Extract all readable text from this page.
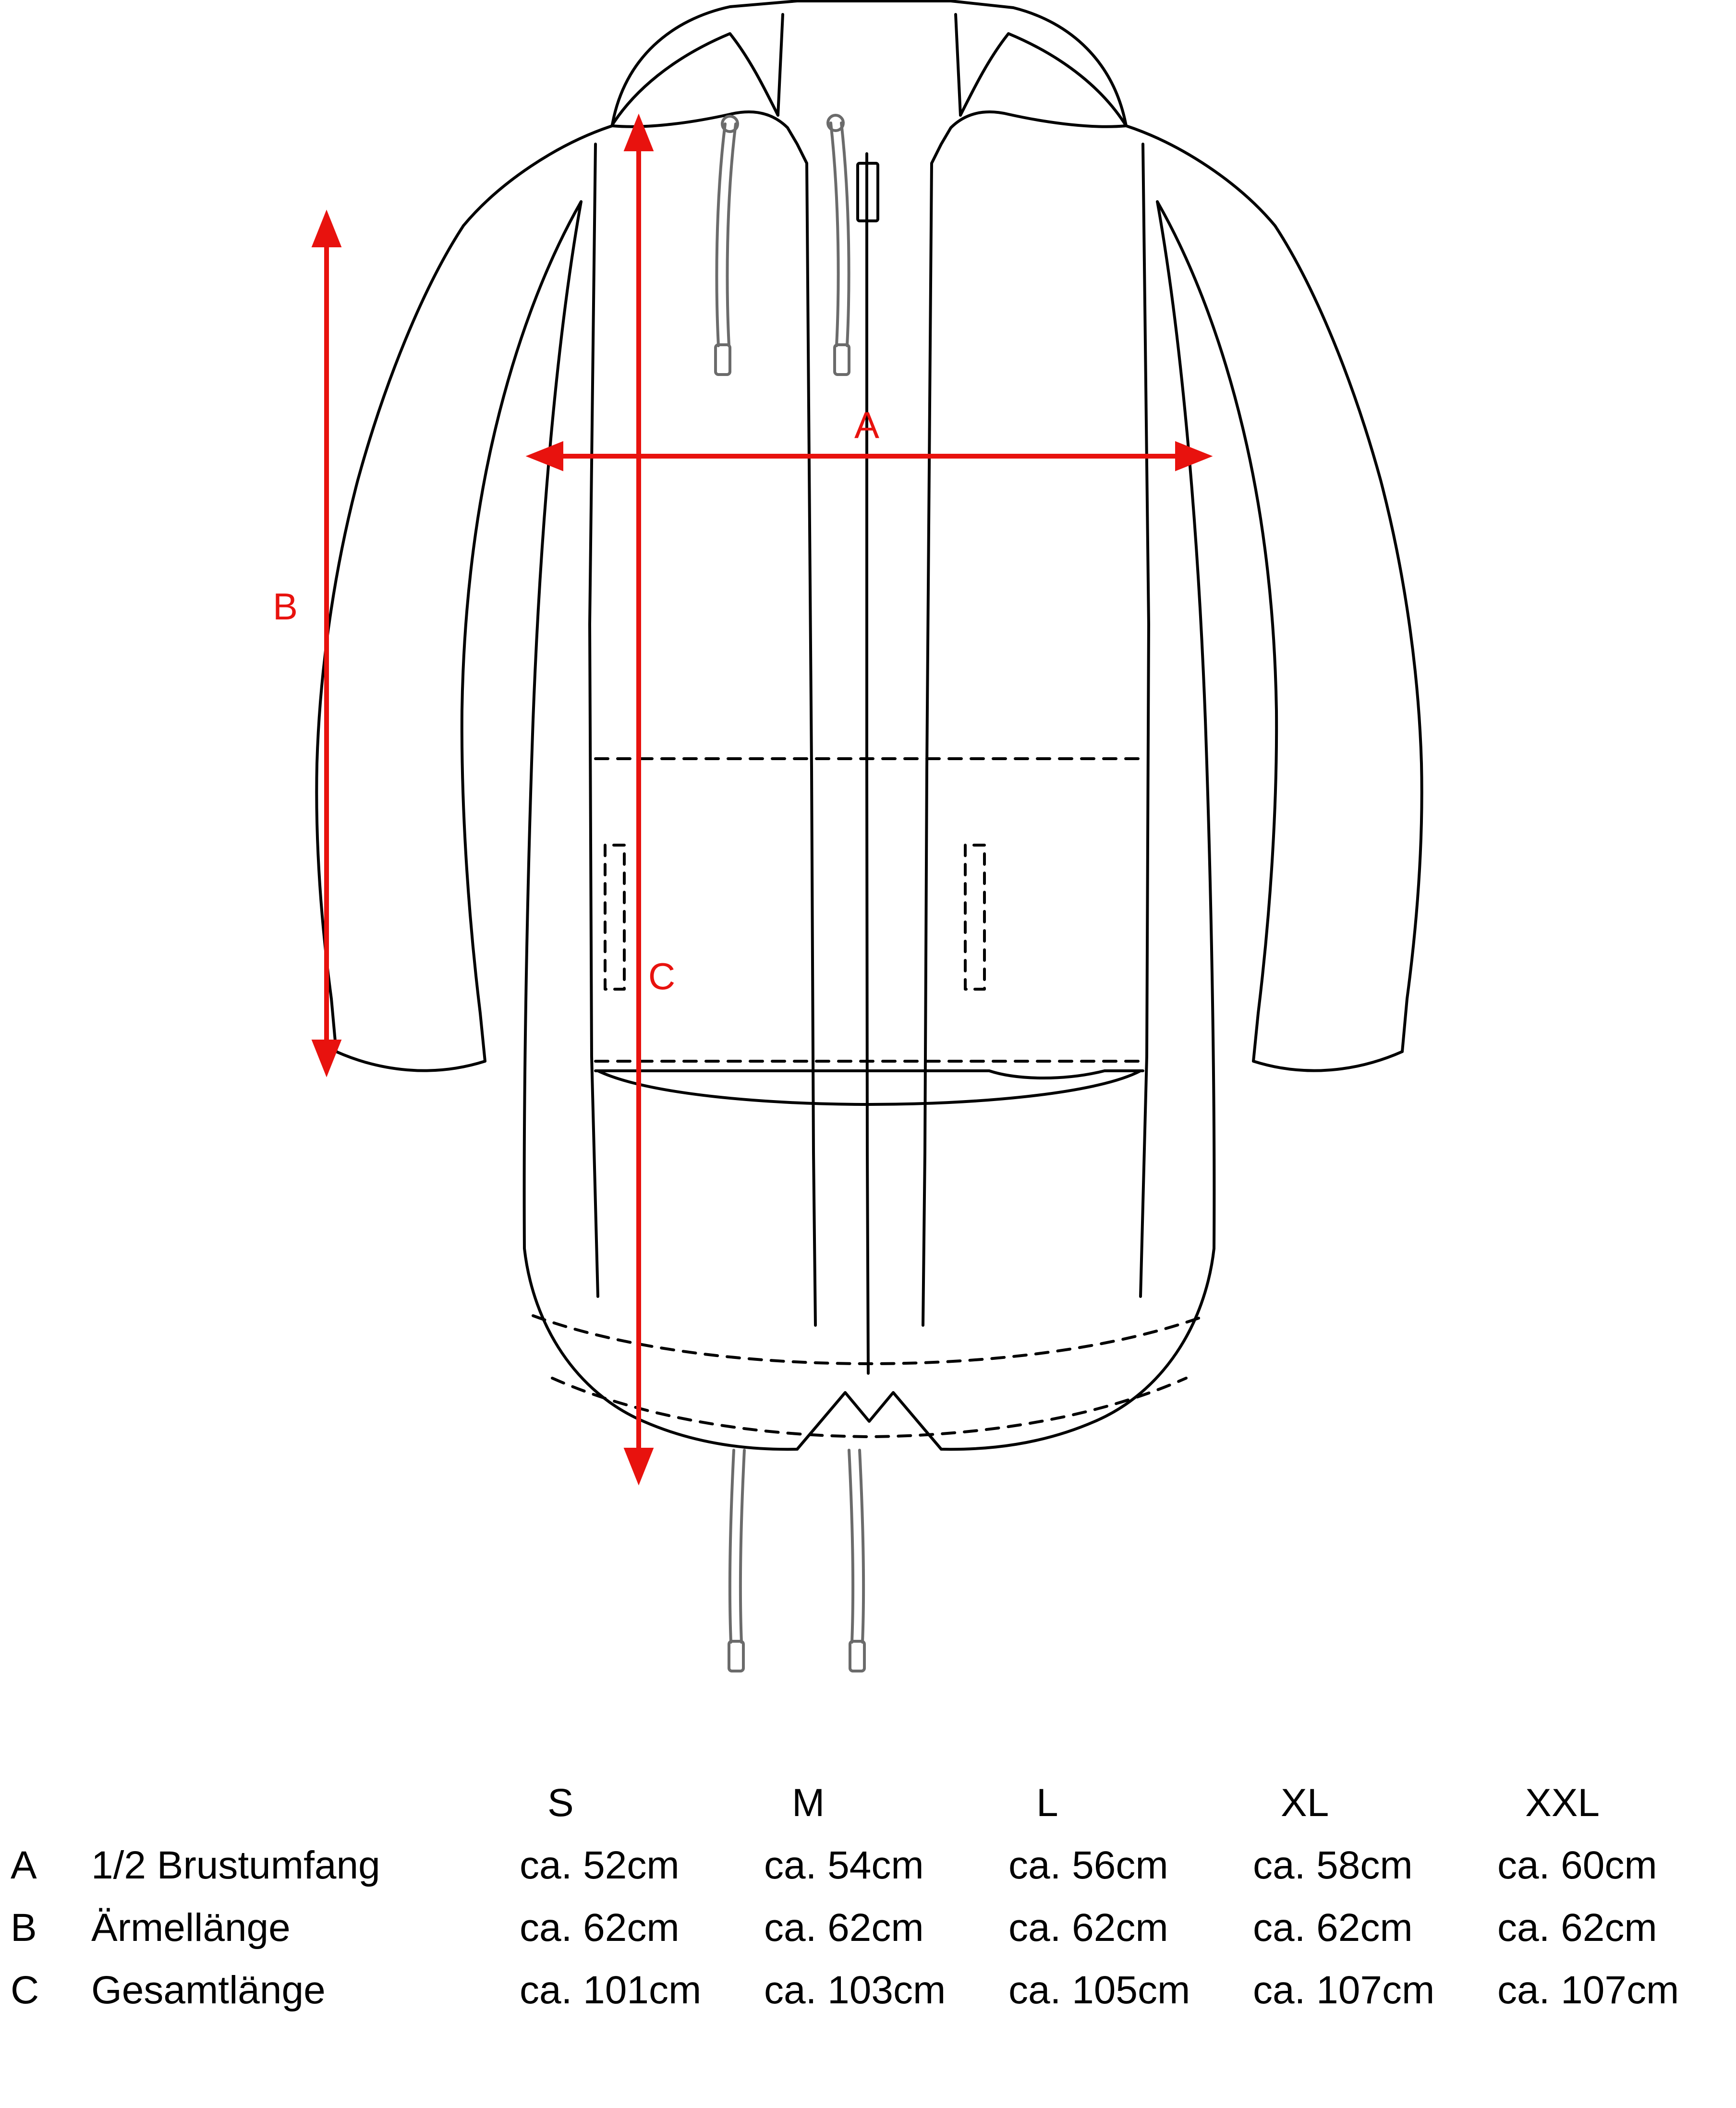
A
B
C
		S	M	L	XL	XXL
A	1/2 Brustumfang	ca. 52cm	ca. 54cm	ca. 56cm	ca. 58cm	ca. 60cm
B	Ärmellänge	ca. 62cm	ca. 62cm	ca. 62cm	ca. 62cm	ca. 62cm
C	Gesamtlänge	ca. 101cm	ca. 103cm	ca. 105cm	ca. 107cm	ca. 107cm
